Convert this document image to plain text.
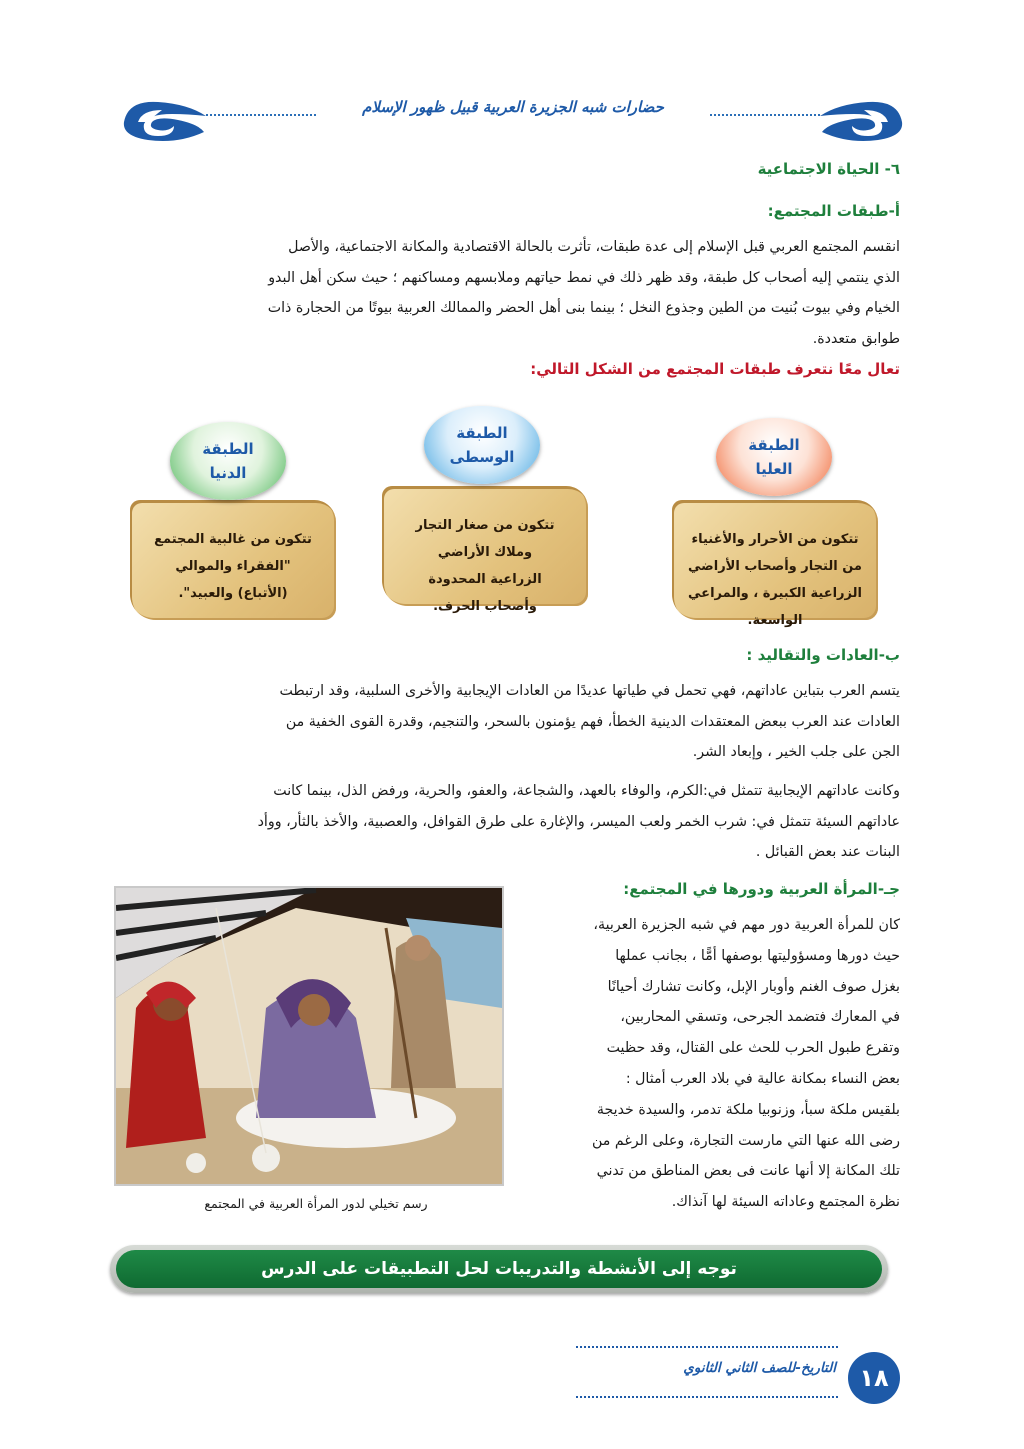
حضارات شبه الجزيرة العربية قبيل ظهور الإسلام
٦- الحياة الاجتماعية
أ-طبقات المجتمع:

انقسم المجتمع العربي قبل الإسلام إلى عدة طبقات، تأثرت بالحالة الاقتصادية والمكانة الاجتماعية، والأصل

الذي ينتمي إليه أصحاب كل طبقة، وقد ظهر ذلك في نمط حياتهم وملابسهم ومساكنهم ؛ حيث سكن أهل البدو

الخيام وفي بيوت بُنيت من الطين وجذوع النخل ؛ بينما بنى أهل الحضر والممالك العربية بيوتًا من الحجارة ذات

طوابق متعددة.

تعال معًا نتعرف طبقات المجتمع من الشكل التالي:
تتكون من الأحرار والأغنياء
من التجار وأصحاب الأراضي
الزراعية الكبيرة ، والمراعي
الواسعة.
الطبقة العليا
تتكون من صغار التجار
وملاك الأراضي
الزراعية المحدودة
وأصحاب الحرف.
الطبقة الوسطى
تتكون من غالبية المجتمع
"الفقراء والموالي
(الأتباع) والعبيد".
الطبقة الدنيا
ب-العادات والتقاليد :

يتسم العرب بتباين عاداتهم، فهي تحمل في طياتها عديدًا من العادات الإيجابية والأخرى السلبية، وقد ارتبطت

العادات عند العرب ببعض المعتقدات الدينية الخطأ، فهم يؤمنون بالسحر، والتنجيم، وقدرة القوى الخفية من

الجن على جلب الخير ، وإبعاد الشر.

وكانت عاداتهم الإيجابية تتمثل في:الكرم، والوفاء بالعهد، والشجاعة، والعفو، والحرية، ورفض الذل، بينما كانت

عاداتهم السيئة تتمثل في: شرب الخمر ولعب الميسر، والإغارة على طرق القوافل، والعصبية، والأخذ بالثأر، ووأد

البنات عند بعض القبائل .

جـ-المرأة العربية ودورها في المجتمع:

كان للمرأة العربية دور مهم في شبه الجزيرة العربية،

حيث دورها ومسؤوليتها بوصفها أمًّا ، بجانب عملها

بغزل صوف الغنم وأوبار الإبل، وكانت تشارك أحيانًا

في المعارك فتضمد الجرحى، وتسقي المحاربين،

وتقرع طبول الحرب للحث على القتال، وقد حظيت

بعض النساء بمكانة عالية في بلاد العرب أمثال :

بلقيس ملكة سبأ، وزنوبيا ملكة تدمر، والسيدة خديجة

رضى الله عنها التي مارست التجارة، وعلى الرغم من

تلك المكانة إلا أنها عانت فى بعض المناطق من تدني

نظرة المجتمع وعاداته السيئة لها آنذاك.

رسم تخيلي لدور المرأة العربية في المجتمع
توجه إلى الأنشطة والتدريبات لحل التطبيقات على الدرس
التاريخ-للصف الثاني الثانوي ١٨
